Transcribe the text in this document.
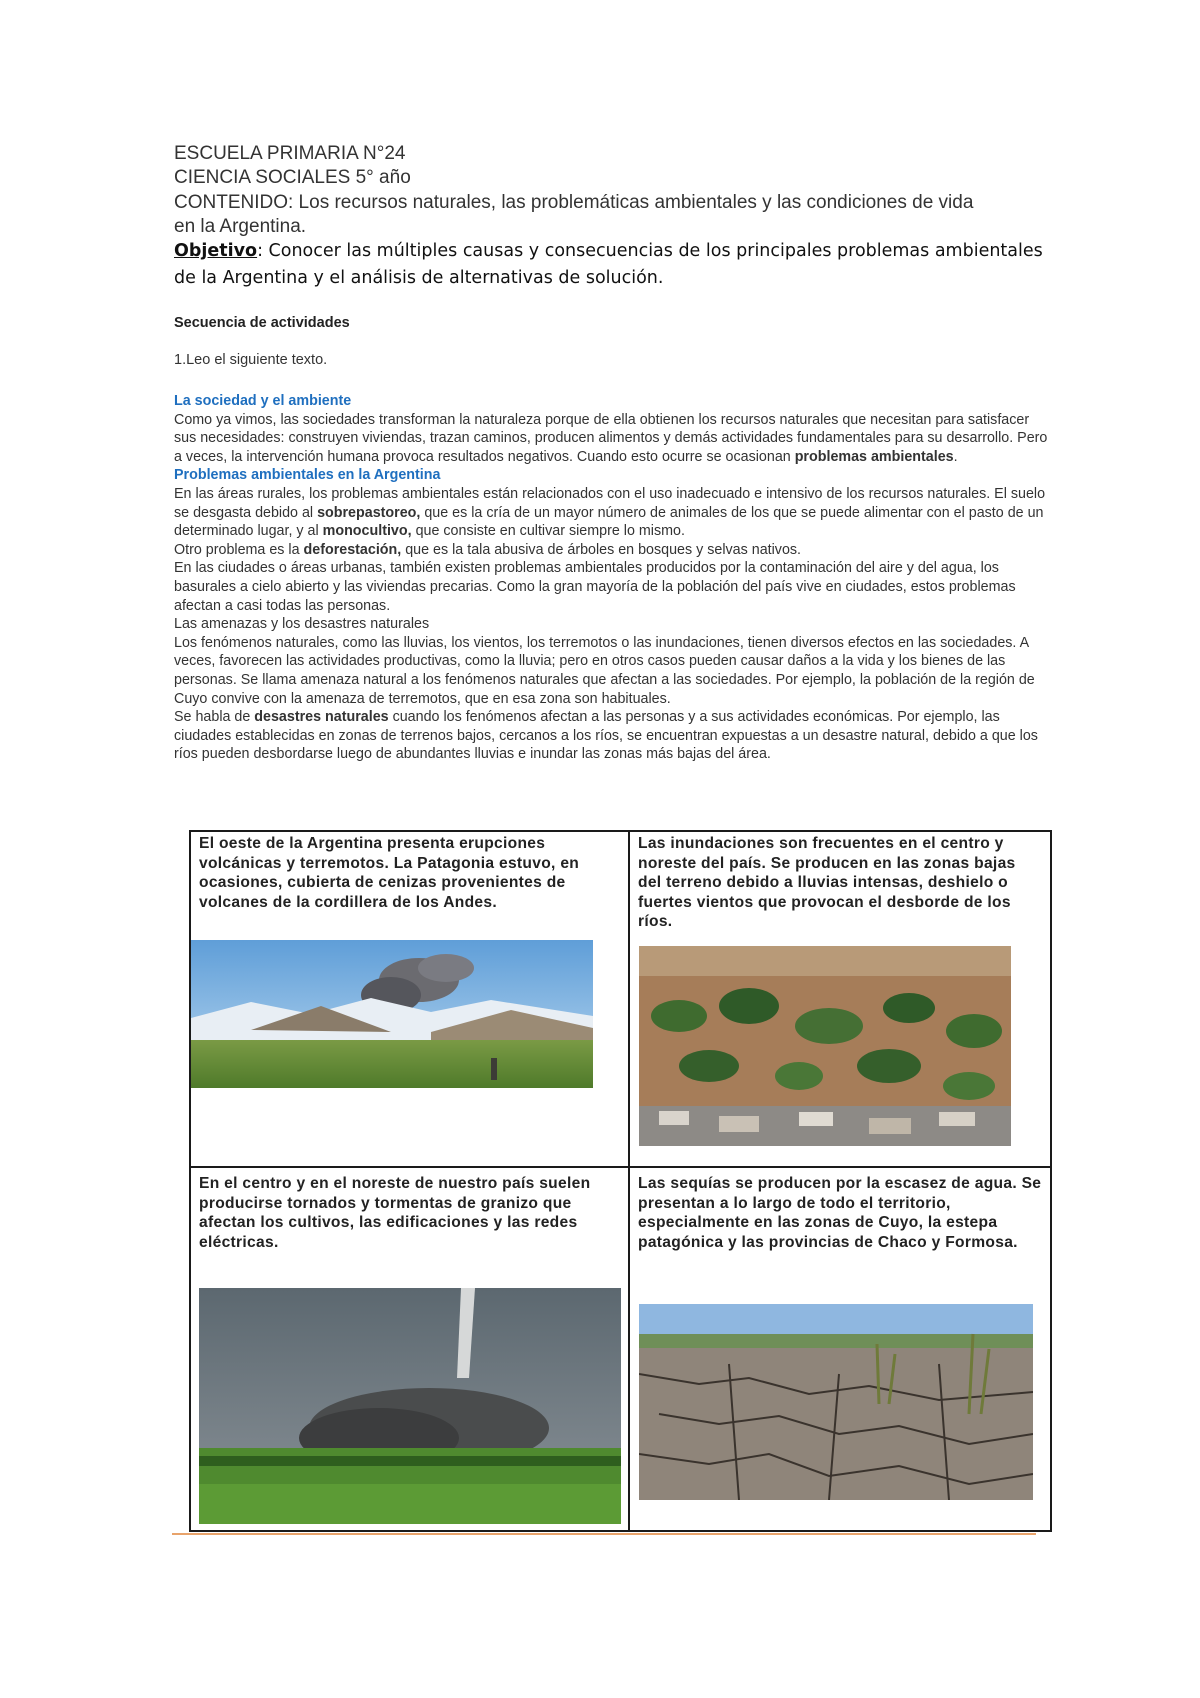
ESCUELA PRIMARIA N°24
CIENCIA SOCIALES 5° año
CONTENIDO: Los recursos naturales, las problemáticas ambientales y las condiciones de vida
en la Argentina.
Objetivo: Conocer las múltiples causas y consecuencias de los principales problemas ambientales de la Argentina y el análisis de alternativas de solución.
Secuencia de actividades
1.Leo el siguiente texto.

La sociedad y el ambiente

Como ya vimos, las sociedades transforman la naturaleza porque de ella obtienen los recursos naturales que necesitan para satisfacer sus necesidades: construyen viviendas, trazan caminos, producen alimentos y demás actividades fundamentales para su desarrollo. Pero a veces, la intervención humana provoca resultados negativos. Cuando esto ocurre se ocasionan problemas ambientales.

Problemas ambientales en la Argentina

En las áreas rurales, los problemas ambientales están relacionados con el uso inadecuado e intensivo de los recursos naturales. El suelo se desgasta debido al sobrepastoreo, que es la cría de un mayor número de animales de los que se puede alimentar con el pasto de un determinado lugar, y al monocultivo, que consiste en cultivar siempre lo mismo.

Otro problema es la deforestación, que es la tala abusiva de árboles en bosques y selvas nativos.

En las ciudades o áreas urbanas, también existen problemas ambientales producidos por la contaminación del aire y del agua, los basurales a cielo abierto y las viviendas precarias. Como la gran mayoría de la población del país vive en ciudades, estos problemas afectan a casi todas las personas.

Las amenazas y los desastres naturales

Los fenómenos naturales, como las lluvias, los vientos, los terremotos o las inundaciones, tienen diversos efectos en las sociedades. A veces, favorecen las actividades productivas, como la lluvia; pero en otros casos pueden causar daños a la vida y los bienes de las personas. Se llama amenaza natural a los fenómenos naturales que afectan a las sociedades. Por ejemplo, la población de la región de Cuyo convive con la amenaza de terremotos, que en esa zona son habituales.

Se habla de desastres naturales cuando los fenómenos afectan a las personas y a sus actividades económicas. Por ejemplo, las ciudades establecidas en zonas de terrenos bajos, cercanos a los ríos, se encuentran expuestas a un desastre natural, debido a que los ríos pueden desbordarse luego de abundantes lluvias e inundar las zonas más bajas del área.

El oeste de la Argentina presenta erupciones volcánicas y terremotos. La Patagonia estuvo, en ocasiones, cubierta de cenizas provenientes de volcanes de la cordillera de los Andes.
Las inundaciones son frecuentes en el centro y noreste del país. Se producen en las zonas bajas del terreno debido a lluvias intensas, deshielo o fuertes vientos que provocan el desborde de los ríos.
En el centro y en el noreste de nuestro país suelen producirse tornados y tormentas de granizo que afectan los cultivos, las edificaciones y las redes eléctricas.
Las sequías se producen por la escasez de agua. Se presentan a lo largo de todo el territorio, especialmente en las zonas de Cuyo, la estepa patagónica y las provincias de Chaco y Formosa.
